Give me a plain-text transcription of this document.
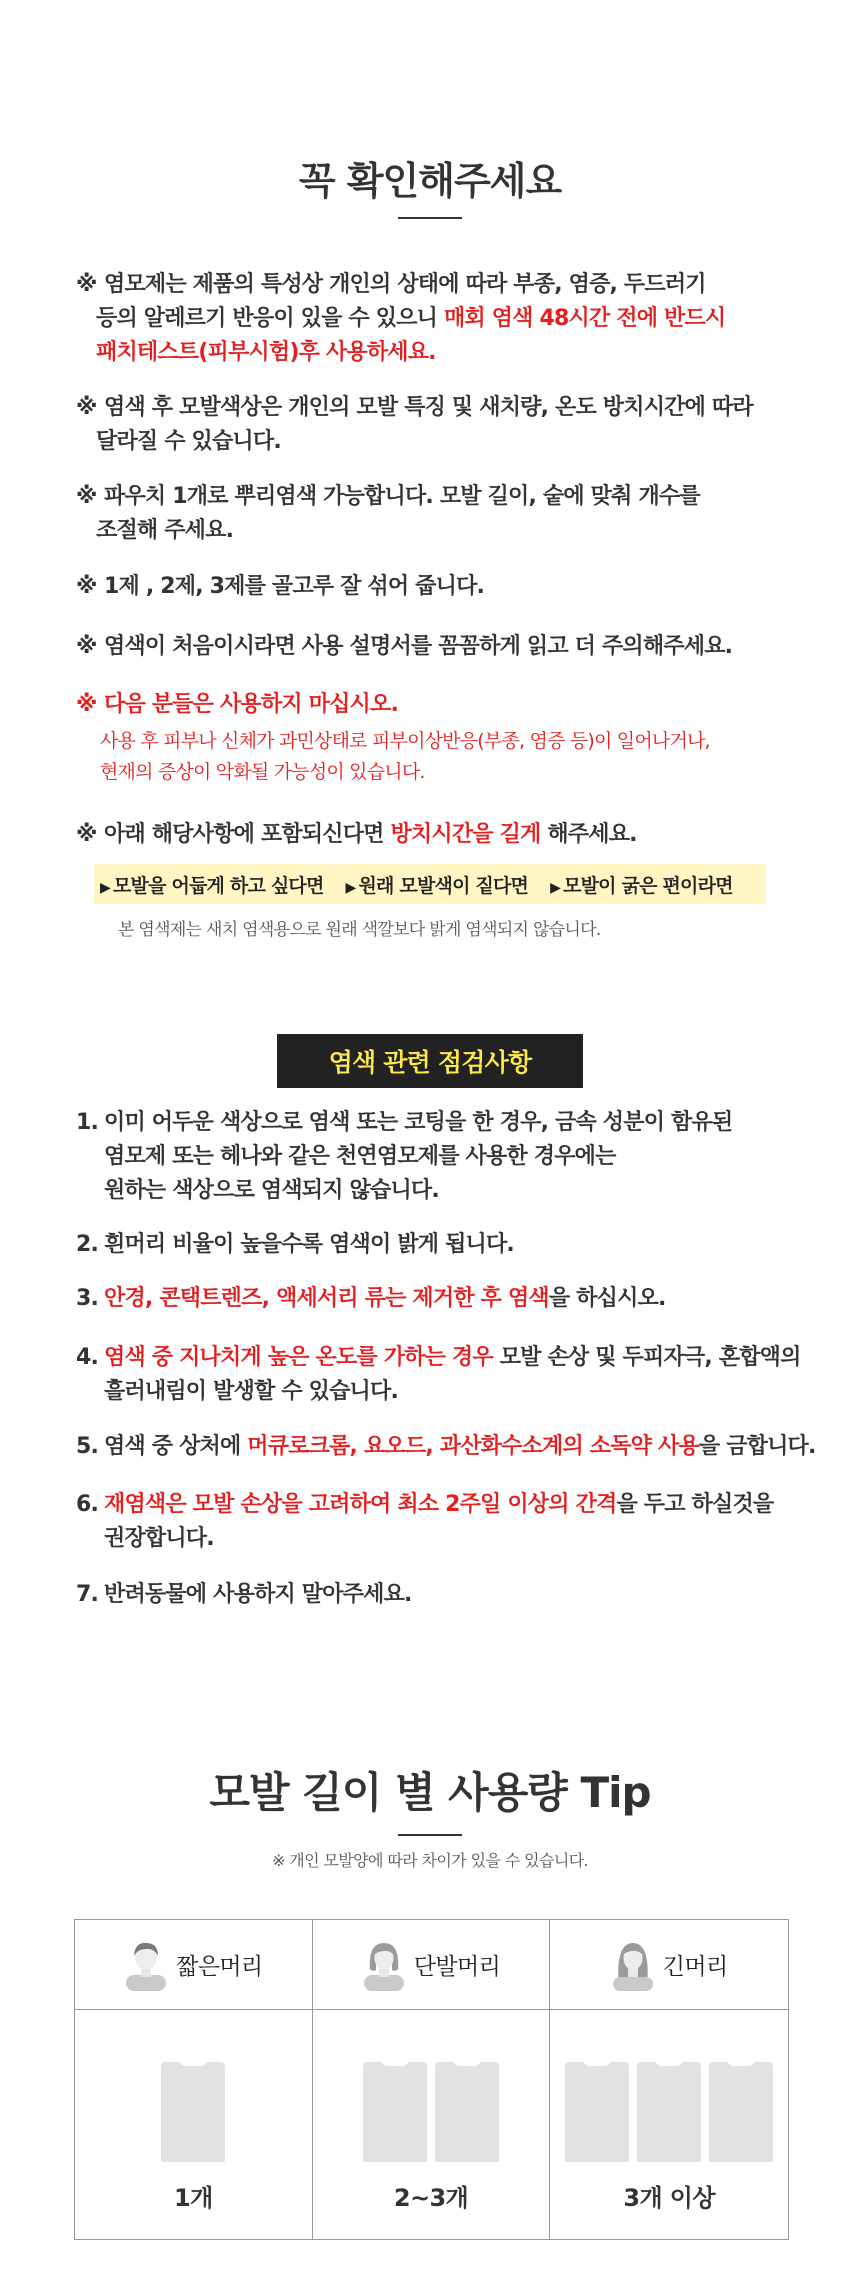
꼭 확인해주세요
※ 염모제는 제품의 특성상 개인의 상태에 따라 부종, 염증, 두드러기
등의 알레르기 반응이 있을 수 있으니 매회 염색 48시간 전에 반드시
패치테스트(피부시험)후 사용하세요.
※ 염색 후 모발색상은 개인의 모발 특징 및 새치량, 온도 방치시간에 따라
달라질 수 있습니다.
※ 파우치 1개로 뿌리염색 가능합니다. 모발 길이, 숱에 맞춰 개수를
조절해 주세요.
※ 1제 , 2제, 3제를 골고루 잘 섞어 줍니다.
※ 염색이 처음이시라면 사용 설명서를 꼼꼼하게 읽고 더 주의해주세요.
※ 다음 분들은 사용하지 마십시오.
사용 후 피부나 신체가 과민상태로 피부이상반응(부종, 염증 등)이 일어나거나,
현재의 증상이 악화될 가능성이 있습니다.
※ 아래 해당사항에 포함되신다면 방치시간을 길게 해주세요.
▶ 모발을 어둡게 하고 싶다면 ▶ 원래 모발색이 짙다면 ▶ 모발이 굵은 편이라면
본 염색제는 새치 염색용으로 원래 색깔보다 밝게 염색되지 않습니다.
염색 관련 점검사항
1. 이미 어두운 색상으로 염색 또는 코팅을 한 경우, 금속 성분이 함유된
염모제 또는 헤나와 같은 천연염모제를 사용한 경우에는
원하는 색상으로 염색되지 않습니다.
2. 흰머리 비율이 높을수록 염색이 밝게 됩니다.
3. 안경, 콘택트렌즈, 액세서리 류는 제거한 후 염색을 하십시오.
4. 염색 중 지나치게 높은 온도를 가하는 경우 모발 손상 및 두피자극, 혼합액의
흘러내림이 발생할 수 있습니다.
5. 염색 중 상처에 머큐로크롬, 요오드, 과산화수소계의 소독약 사용을 금합니다.
6. 재염색은 모발 손상을 고려하여 최소 2주일 이상의 간격을 두고 하실것을
권장합니다.
7. 반려동물에 사용하지 말아주세요.
모발 길이 별 사용량 Tip
※ 개인 모발양에 따라 차이가 있을 수 있습니다.
짧은머리	단발머리	긴머리
1개	2~3개	3개 이상
